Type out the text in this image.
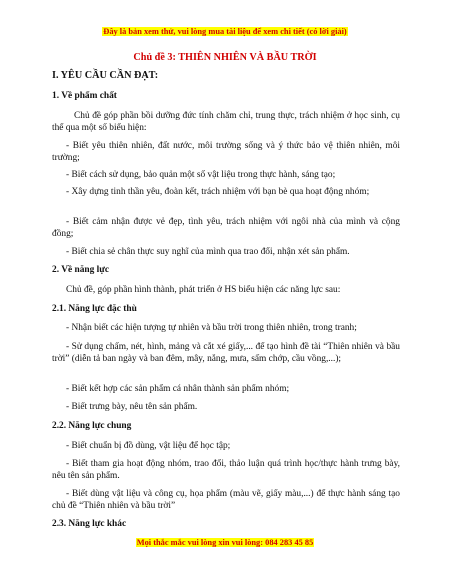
Đây là bản xem thử, vui lòng mua tài liệu để xem chi tiết (có lời giải)
Chủ đề 3: THIÊN NHIÊN VÀ BẦU TRỜI
I. YÊU CẦU CẦN ĐẠT:
1. Về phẩm chất
Chủ đề góp phần bồi dưỡng đức tính chăm chỉ, trung thực, trách nhiệm ở học sinh, cụ thể qua một số biểu hiện:
- Biết yêu thiên nhiên, đất nước, môi trường sống và ý thức bảo vệ thiên nhiên, môi trường;
- Biết cách sử dụng, bảo quản một số vật liệu trong thực hành, sáng tạo;
- Xây dựng tinh thần yêu, đoàn kết, trách nhiệm với bạn bè qua hoạt động nhóm;
- Biết cảm nhận được vẻ đẹp, tình yêu, trách nhiệm với ngôi nhà của mình và cộng đồng;
- Biết chia sẻ chân thực suy nghĩ của mình qua trao đổi, nhận xét sản phẩm.
2. Về năng lực
Chủ đề, góp phần hình thành, phát triển ở HS biểu hiện các năng lực sau:
2.1. Năng lực đặc thù
- Nhận biết các hiện tượng tự nhiên và bầu trời trong thiên nhiên, trong tranh;
- Sử dụng chấm, nét, hình, mảng và cắt xé giấy,... để tạo hình đề tài “Thiên nhiên và bầu trời” (diễn tả ban ngày và ban đêm, mây, nắng, mưa, sấm chớp, cầu vồng,...);
- Biết kết hợp các sản phẩm cá nhân thành sản phẩm nhóm;
- Biết trưng bày, nêu tên sản phẩm.
2.2. Năng lực chung
- Biết chuẩn bị đồ dùng, vật liệu để học tập;
- Biết tham gia hoạt động nhóm, trao đổi, thảo luận quá trình học/thực hành trưng bày, nêu tên sản phẩm.
- Biết dùng vật liệu và công cụ, họa phẩm (màu vẽ, giấy màu,...) để thực hành sáng tạo chủ đề “Thiên nhiên và bầu trời”
2.3. Năng lực khác
Mọi thắc mắc vui lòng xin vui lòng: 084 283 45 85
